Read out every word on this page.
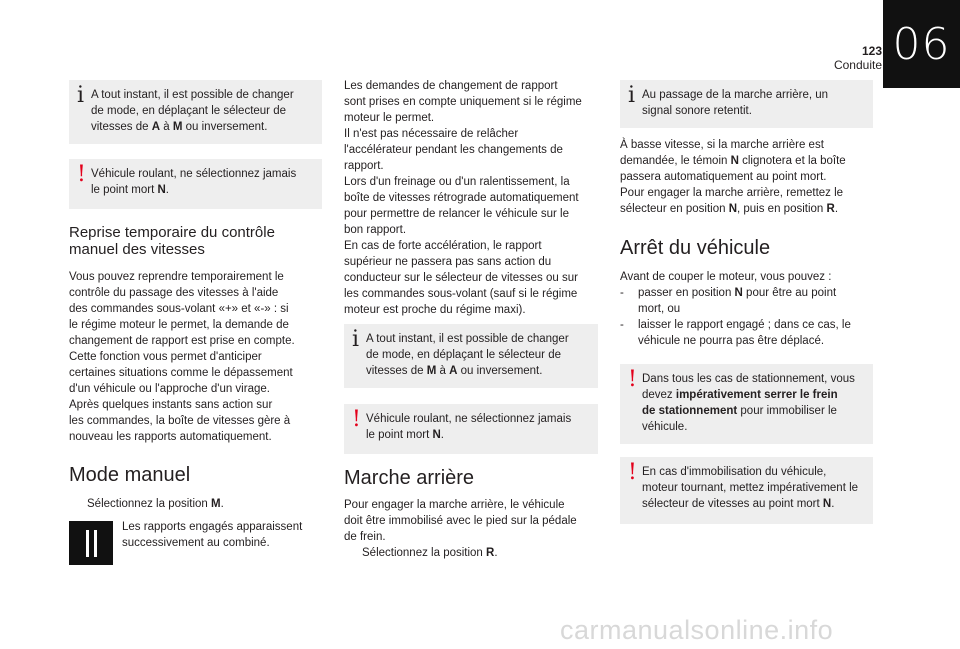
06
123
Conduite
i A tout instant, il est possible de changer
de mode, en déplaçant le sélecteur de
vitesses de A à M ou inversement.
! Véhicule roulant, ne sélectionnez jamais
le point mort N.
Reprise temporaire du contrôle
manuel des vitesses

Vous pouvez reprendre temporairement le

contrôle du passage des vitesses à l'aide

des commandes sous-volant «+» et «-» : si

le régime moteur le permet, la demande de

changement de rapport est prise en compte.

Cette fonction vous permet d'anticiper

certaines situations comme le dépassement

d'un véhicule ou l'approche d'un virage.

Après quelques instants sans action sur

les commandes, la boîte de vitesses gère à

nouveau les rapports automatiquement.

Mode manuel
Sélectionnez la position M.

Les rapports engagés apparaissent

successivement au combiné.

Les demandes de changement de rapport

sont prises en compte uniquement si le régime

moteur le permet.

Il n'est pas nécessaire de relâcher

l'accélérateur pendant les changements de

rapport.

Lors d'un freinage ou d'un ralentissement, la

boîte de vitesses rétrograde automatiquement

pour permettre de relancer le véhicule sur le

bon rapport.

En cas de forte accélération, le rapport

supérieur ne passera pas sans action du

conducteur sur le sélecteur de vitesses ou sur

les commandes sous-volant (sauf si le régime

moteur est proche du régime maxi).

i A tout instant, il est possible de changer
de mode, en déplaçant le sélecteur de
vitesses de M à A ou inversement.
! Véhicule roulant, ne sélectionnez jamais
le point mort N.
Marche arrière

Pour engager la marche arrière, le véhicule

doit être immobilisé avec le pied sur la pédale

de frein.

Sélectionnez la position R.
i Au passage de la marche arrière, un
signal sonore retentit.

À basse vitesse, si la marche arrière est

demandée, le témoin N clignotera et la boîte

passera automatiquement au point mort.

Pour engager la marche arrière, remettez le

sélecteur en position N, puis en position R.

Arrêt du véhicule

Avant de couper le moteur, vous pouvez :

- passer en position N pour être au point
mort, ou
- laisser le rapport engagé ; dans ce cas, le
véhicule ne pourra pas être déplacé.
! Dans tous les cas de stationnement, vous
devez impérativement serrer le frein
de stationnement pour immobiliser le
véhicule.
! En cas d'immobilisation du véhicule,
moteur tournant, mettez impérativement le
sélecteur de vitesses au point mort N.
carmanualsonline.info
